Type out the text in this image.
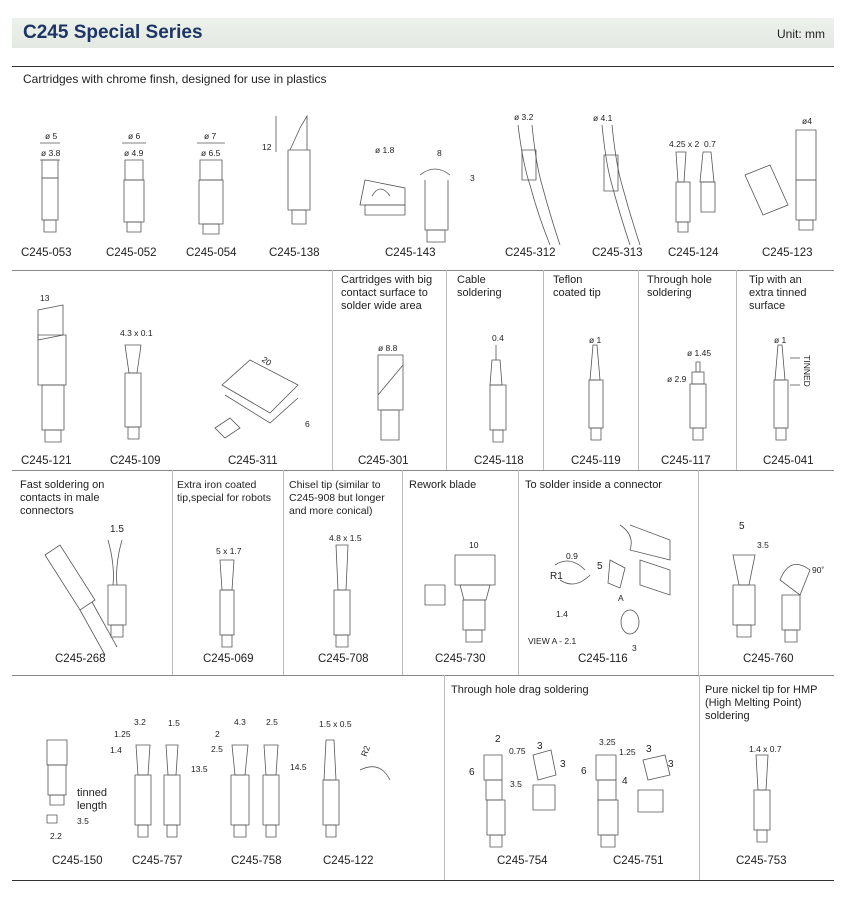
C245 Special Series	Unit: mm
Cartridges with chrome finsh, designed for use in plastics
Cartridges with big contact surface to solder wide area
Cable soldering
Teflon coated tip
Through hole soldering
Tip with an extra tinned surface
Fast soldering on contacts in male connectors
Extra iron coated tip,special for robots
Chisel tip (similar to C245-908 but longer and more conical)
Rework blade	To solder inside a connector
Through hole drag soldering	Pure nickel tip for HMP (High Melting Point) soldering
ø 5
ø 3.8
ø 6
ø 4.9
ø 7
ø 6.5
12	ø 1.8	8
3
ø 3.2	ø 4.1
4.25 x 2 0.7
ø4
13
4.3 x 0.1
20
6
ø 8.8
0.4	ø 1
ø 1.45
ø 2.9
ø 1
TINNED
1.5
5 x 1.7
4.8 x 1.5
10
0.9
R1
1.4
5
A
VIEW A - 2.1
3
5
3.5
90˚
tinned
length
3.5
2.2
3.2	1.5
1.25
1.4
13.5
4.3 2.5
2
2.5
14.5
1.5 x 0.5
R2
2
0.75 3
6
3.5
3
3.25
1.25 3
6
4
3
1.4 x 0.7
C245-053	C245-052	C245-054	C245-138	C245-143	C245-312	C245-313 C245-124	C245-123
C245-121	C245-109	C245-311	C245-301	C245-118	C245-119	C245-117	C245-041
C245-268	C245-069	C245-708	C245-730	C245-116	C245-760
C245-150	C245-757	C245-758	C245-122	C245-754	C245-751	C245-753
